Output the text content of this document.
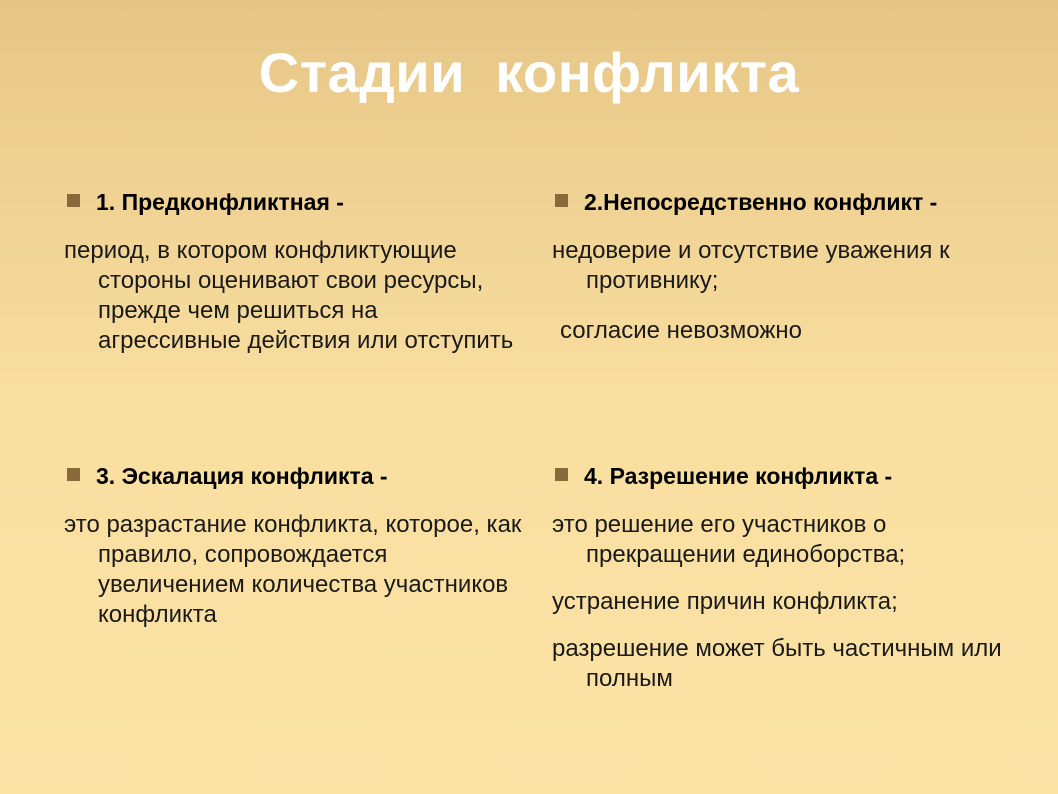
Стадии конфликта
1. Предконфликтная -

период, в котором конфликтующие стороны оценивают свои ресурсы, прежде чем решиться на агрессивные действия или отступить

2.Непосредственно конфликт -

недоверие и отсутствие уважения к противнику;

согласие невозможно

3. Эскалация конфликта -

это разрастание конфликта, которое, как правило, сопровождается увеличением количества участников конфликта

4. Разрешение конфликта -

это решение его участников о прекращении единоборства;

устранение причин конфликта;

разрешение может быть частичным или полным
